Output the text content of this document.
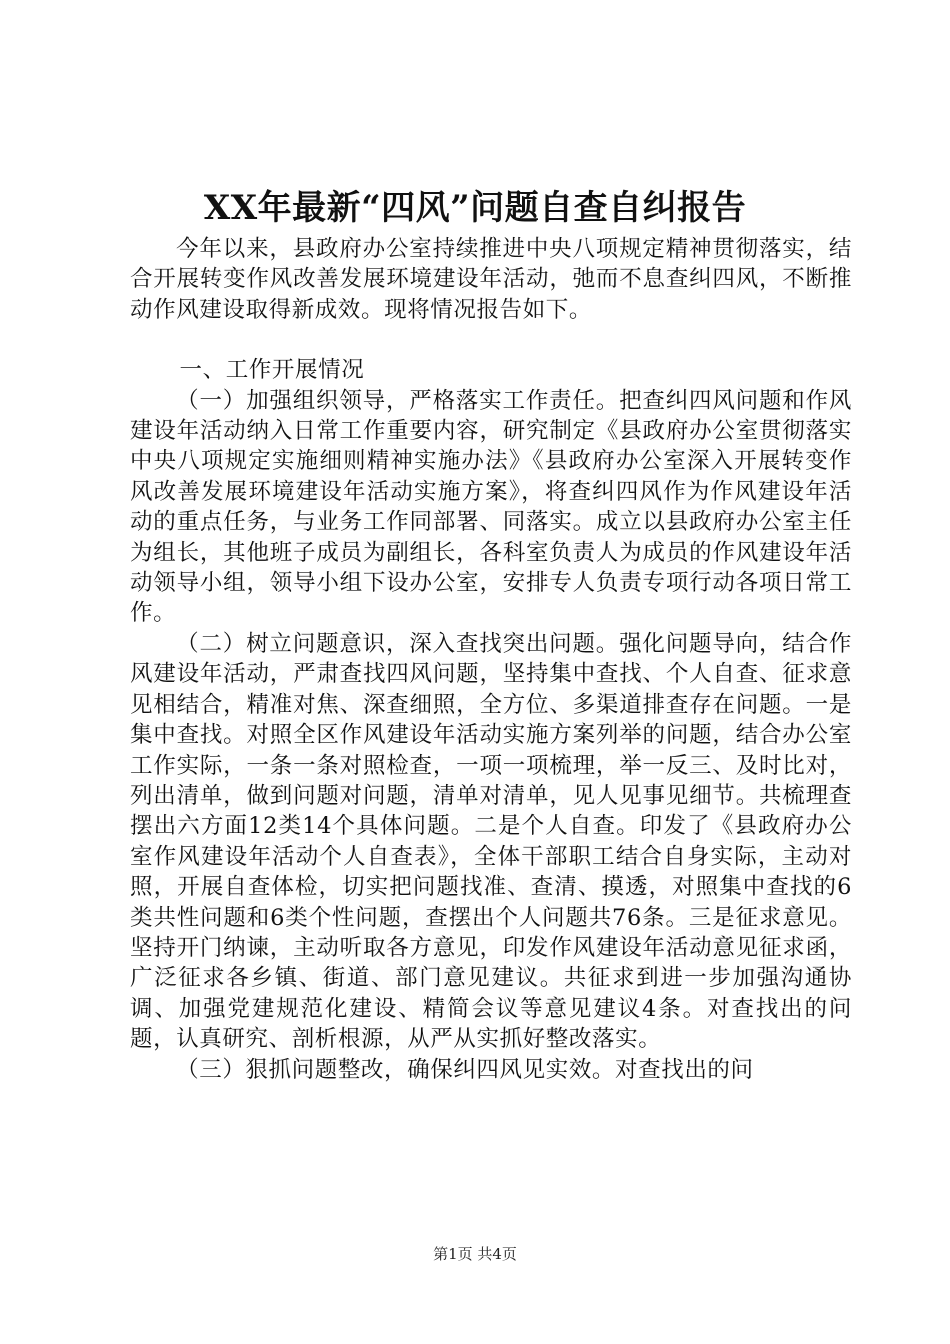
XX年最新“四风”问题自查自纠报告

今年以来，县政府办公室持续推进中央八项规定精神贯彻落实，结合开展转变作风改善发展环境建设年活动，弛而不息查纠四风，不断推动作风建设取得新成效。现将情况报告如下。

一、工作开展情况

（一）加强组织领导，严格落实工作责任。把查纠四风问题和作风建设年活动纳入日常工作重要内容，研究制定《县政府办公室贯彻落实中央八项规定实施细则精神实施办法》《县政府办公室深入开展转变作风改善发展环境建设年活动实施方案》，将查纠四风作为作风建设年活动的重点任务，与业务工作同部署、同落实。成立以县政府办公室主任为组长，其他班子成员为副组长，各科室负责人为成员的作风建设年活动领导小组，领导小组下设办公室，安排专人负责专项行动各项日常工作。

（二）树立问题意识，深入查找突出问题。强化问题导向，结合作风建设年活动，严肃查找四风问题，坚持集中查找、个人自查、征求意见相结合，精准对焦、深查细照，全方位、多渠道排查存在问题。一是集中查找。对照全区作风建设年活动实施方案列举的问题，结合办公室工作实际，一条一条对照检查，一项一项梳理，举一反三、及时比对，列出清单，做到问题对问题，清单对清单，见人见事见细节。共梳理查摆出六方面12类14个具体问题。二是个人自查。印发了《县政府办公室作风建设年活动个人自查表》，全体干部职工结合自身实际，主动对照，开展自查体检，切实把问题找准、查清、摸透，对照集中查找的6类共性问题和6类个性问题，查摆出个人问题共76条。三是征求意见。坚持开门纳谏，主动听取各方意见，印发作风建设年活动意见征求函，广泛征求各乡镇、街道、部门意见建议。共征求到进一步加强沟通协调、加强党建规范化建设、精简会议等意见建议4条。对查找出的问题，认真研究、剖析根源，从严从实抓好整改落实。

（三）狠抓问题整改，确保纠四风见实效。对查找出的问

第1页 共4页
